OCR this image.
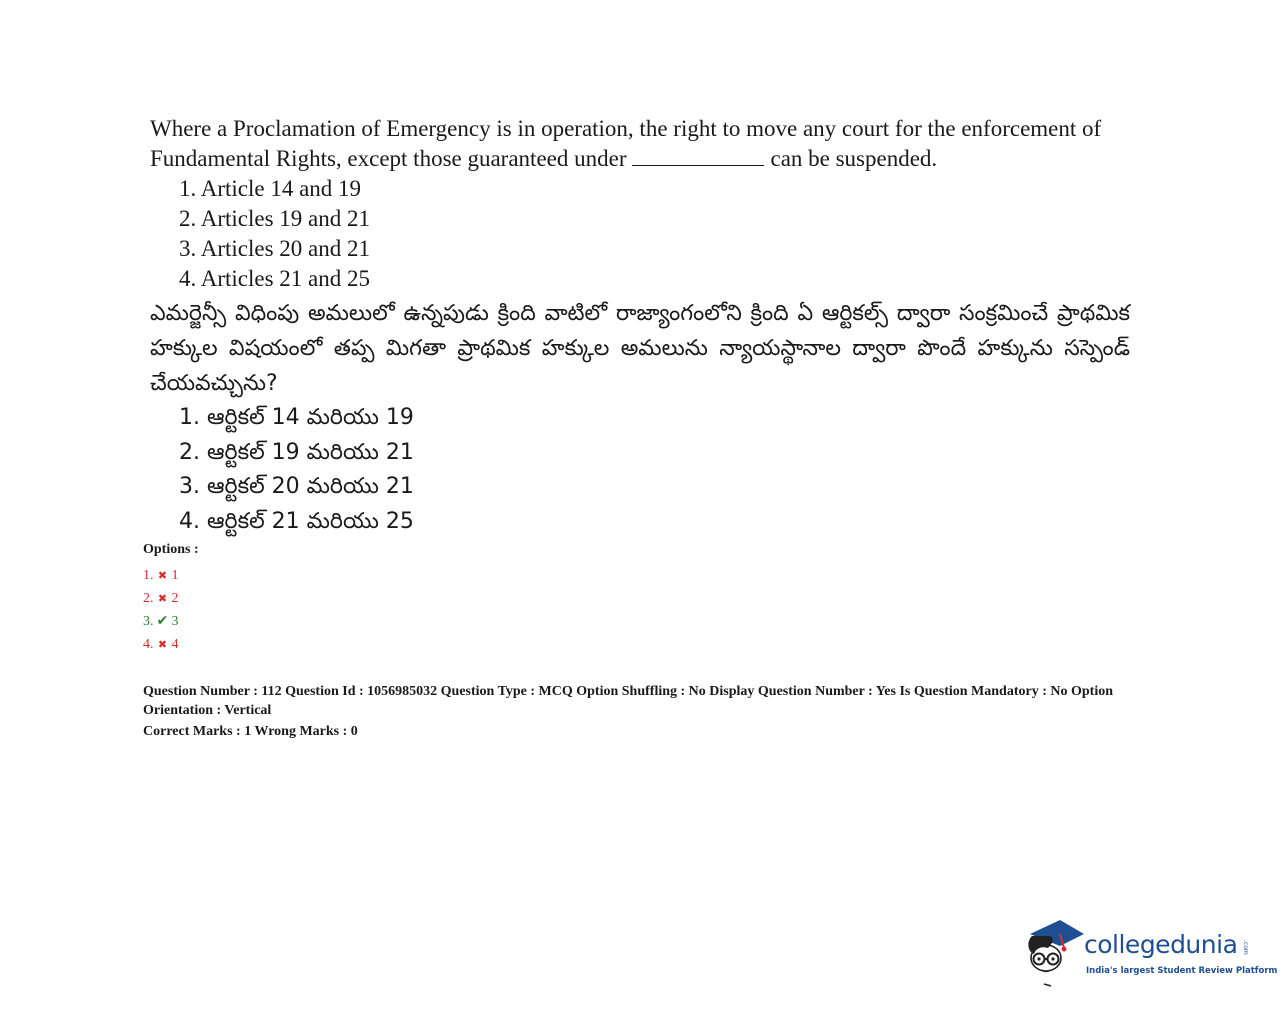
Where a Proclamation of Emergency is in operation, the right to move any court for the enforcement of Fundamental Rights, except those guaranteed under	can be suspended.

1. Article 14 and 19
2. Articles 19 and 21
3. Articles 20 and 21
4. Articles 21 and 25

ఎమర్జెన్సీ విధింపు అమలులో ఉన్నపుడు క్రింది వాటిలో రాజ్యాంగంలోని క్రింది ఏ ఆర్టికల్స్ ద్వారా సంక్రమించే ప్రాథమిక హక్కుల విషయంలో తప్ప మిగతా ప్రాథమిక హక్కుల అమలును న్యాయస్థానాల ద్వారా పొందే హక్కును సస్పెండ్ చేయవచ్చును?

1. ఆర్టికల్ 14 మరియు 19
2. ఆర్టికల్ 19 మరియు 21
3. ఆర్టికల్ 20 మరియు 21
4. ఆర్టికల్ 21 మరియు 25

Options :

1. ✖ 1
2. ✖ 2
3. ✔ 3
4. ✖ 4

Question Number : 112 Question Id : 1056985032 Question Type : MCQ Option Shuffling : No Display Question Number : Yes Is Question Mandatory : No Option Orientation : Vertical

Correct Marks : 1 Wrong Marks : 0

collegedunia .com
India's largest Student Review Platform
